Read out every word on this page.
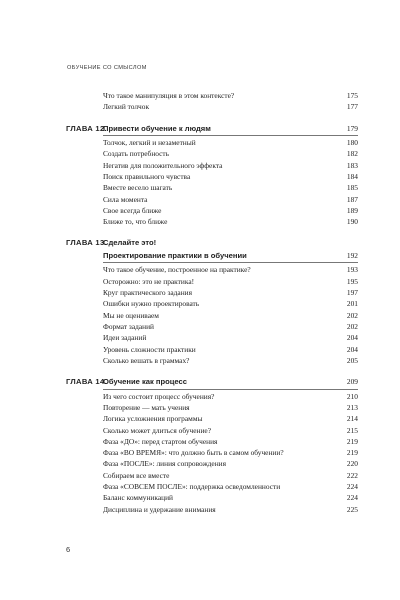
ОБУЧЕНИЕ СО СМЫСЛОМ
Что такое манипуляция в этом контексте?	175
Легкий толчок	177
ГЛАВА 12.
Привести обучение к людям	179
Толчок, легкий и незаметный	180
Создать потребность	182
Негатив для положительного эффекта	183
Поиск правильного чувства	184
Вместе весело шагать	185
Сила момента	187
Свое всегда ближе	189
Ближе то, что ближе	190
ГЛАВА 13.
Сделайте это!
Проектирование практики в обучении	192
Что такое обучение, построенное на практике?	193
Осторожно: это не практика!	195
Круг практического задания	197
Ошибки нужно проектировать	201
Мы не оцениваем	202
Формат заданий	202
Идеи заданий	204
Уровень сложности практики	204
Сколько вешать в граммах?	205
ГЛАВА 14.
Обучение как процесс	209
Из чего состоит процесс обучения?	210
Повторение — мать учения	213
Логика усложнения программы	214
Сколько может длиться обучение?	215
Фаза «ДО»: перед стартом обучения	219
Фаза «ВО ВРЕМЯ»: что должно быть в самом обучении?	219
Фаза «ПОСЛЕ»: линия сопровождения	220
Собираем все вместе	222
Фаза «СОВСЕМ ПОСЛЕ»: поддержка осведомленности	224
Баланс коммуникаций	224
Дисциплина и удержание внимания	225
6
